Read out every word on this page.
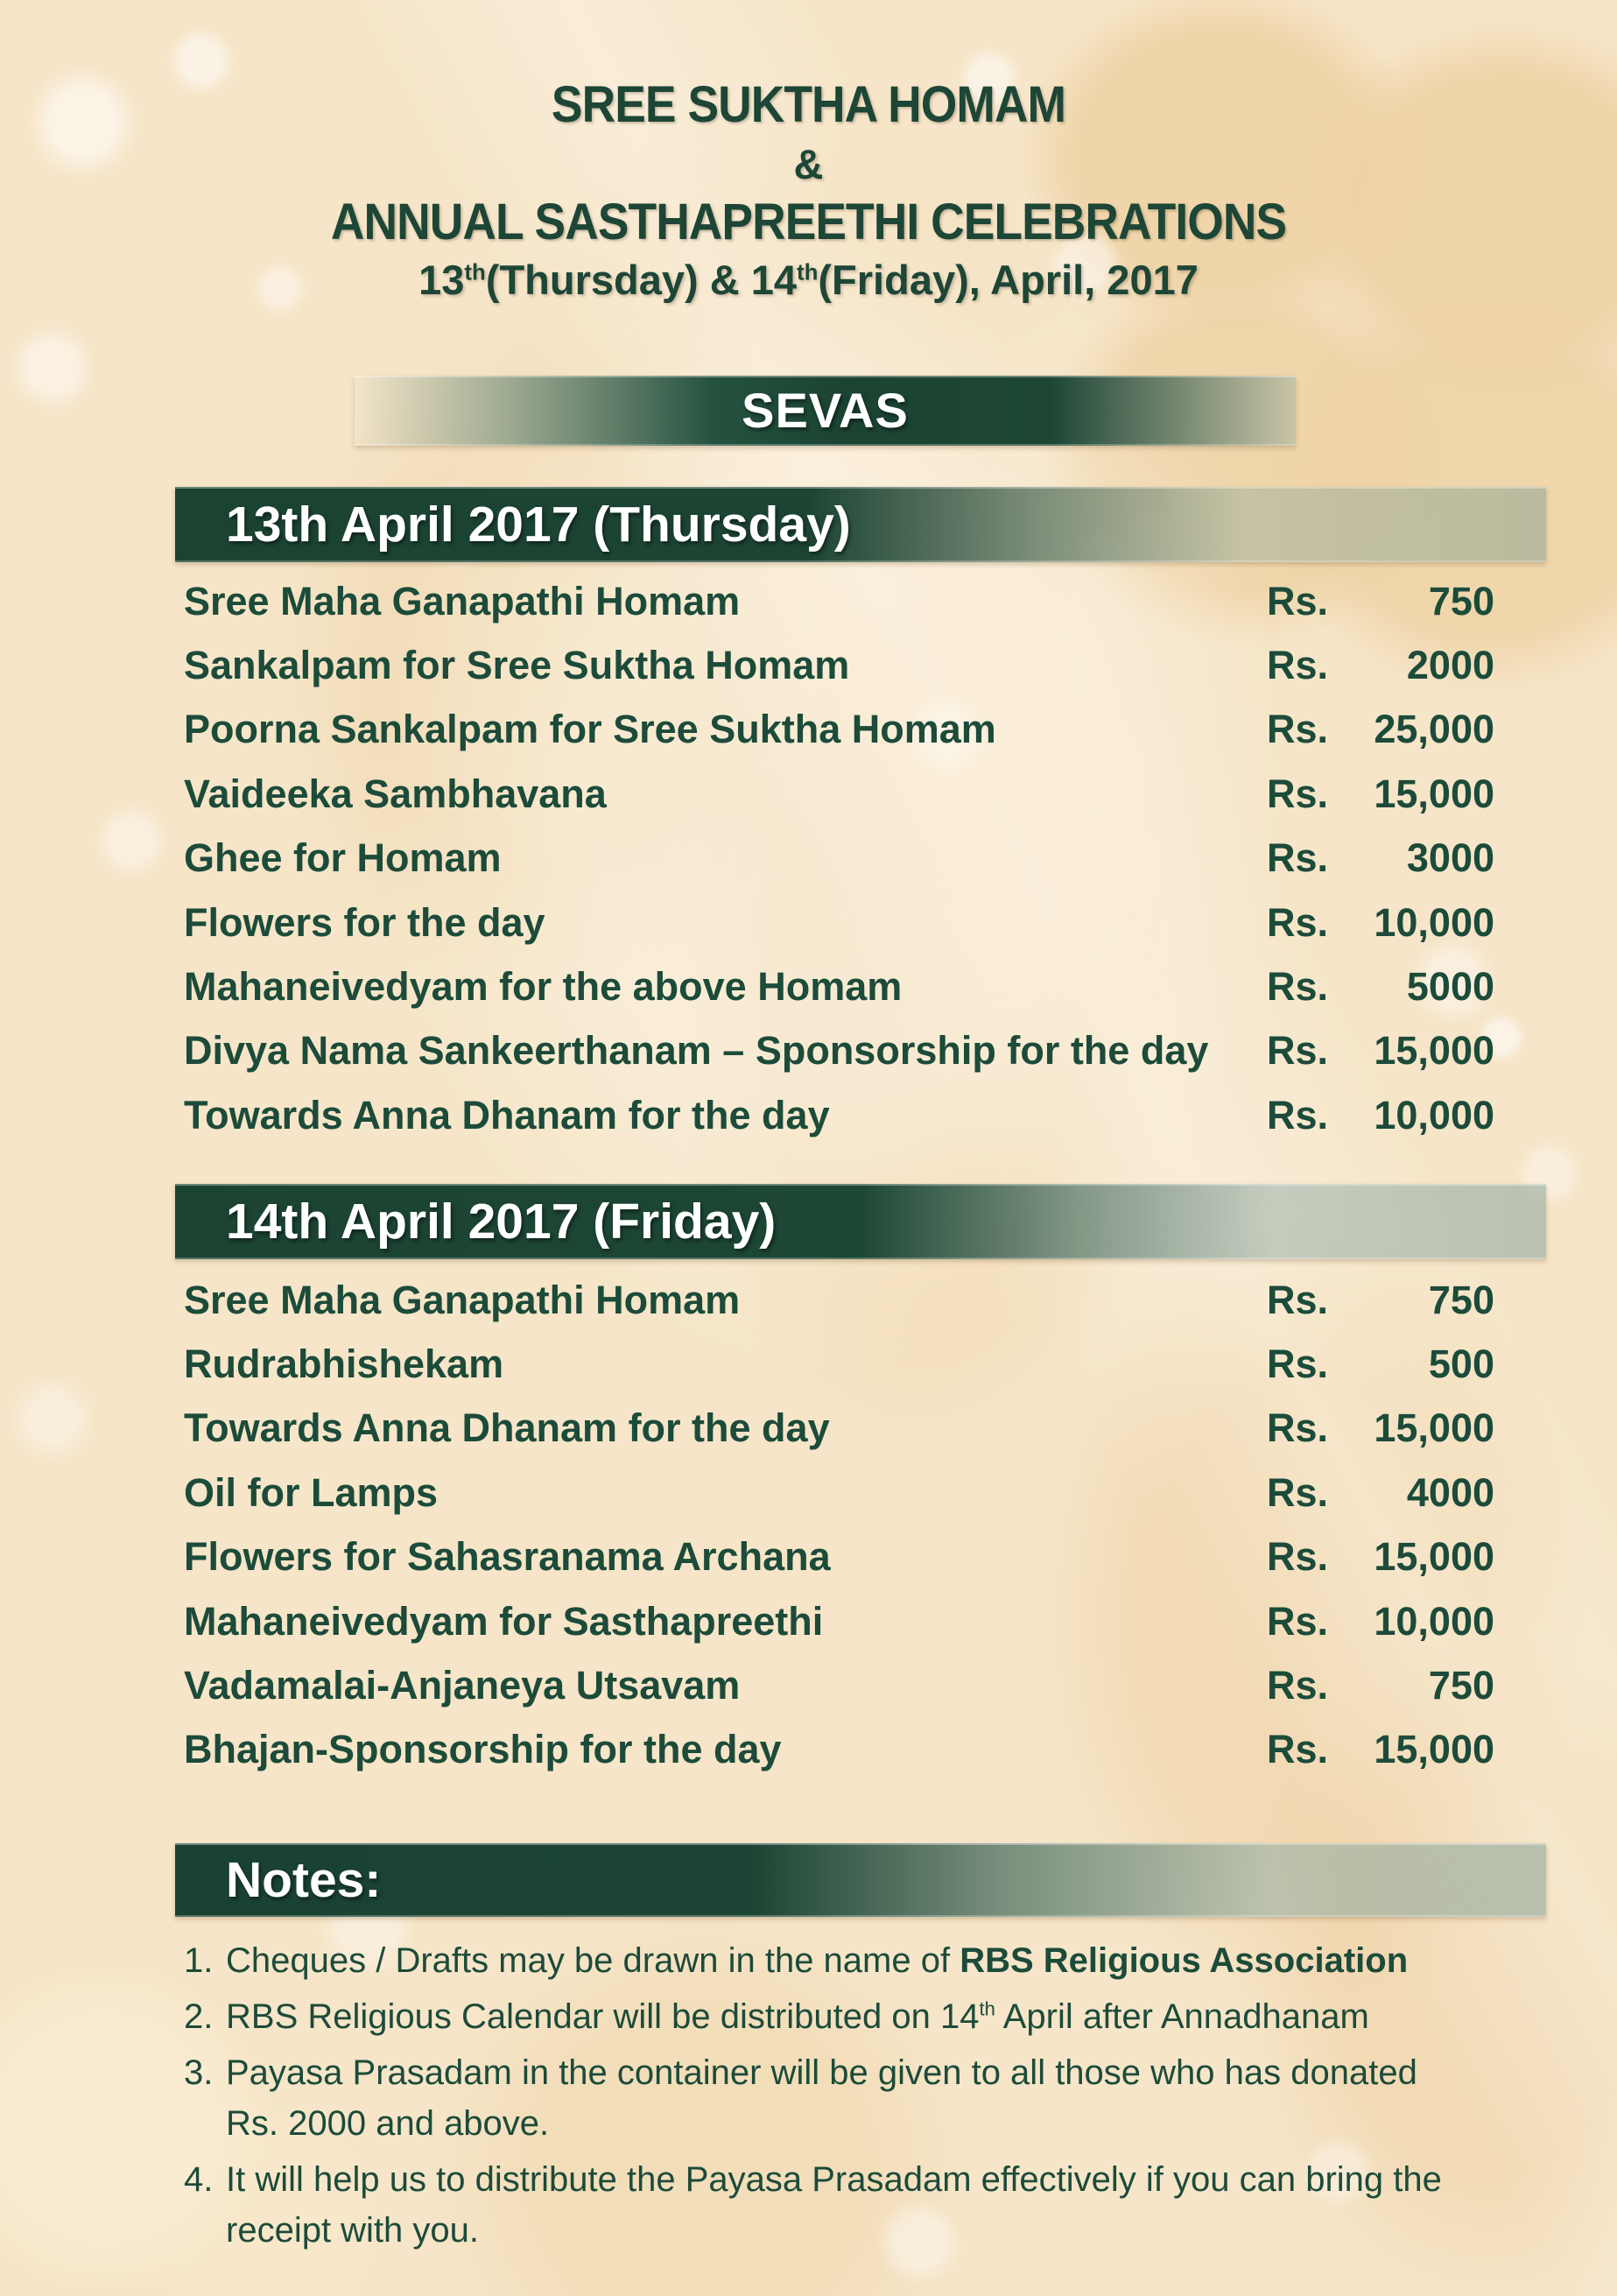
SREE SUKTHA HOMAM
&
ANNUAL SASTHAPREETHI CELEBRATIONS
13th(Thursday) & 14th(Friday), April, 2017
SEVAS
13th April 2017 (Thursday)
Sree Maha Ganapathi Homam	Rs.	750
Sankalpam for Sree Suktha Homam	Rs. 2000
Poorna Sankalpam for Sree Suktha Homam	Rs. 25,000
Vaideeka Sambhavana	Rs. 15,000
Ghee for Homam	Rs. 3000
Flowers for the day	Rs. 10,000
Mahaneivedyam for the above Homam	Rs. 5000
Divya Nama Sankeerthanam – Sponsorship for the day Rs. 15,000
Towards Anna Dhanam for the day	Rs. 10,000
14th April 2017 (Friday)
Sree Maha Ganapathi Homam	Rs.	750
Rudrabhishekam	Rs.	500
Towards Anna Dhanam for the day	Rs. 15,000
Oil for Lamps	Rs. 4000
Flowers for Sahasranama Archana	Rs. 15,000
Mahaneivedyam for Sasthapreethi	Rs. 10,000
Vadamalai-Anjaneya Utsavam	Rs.	750
Bhajan-Sponsorship for the day	Rs. 15,000
Notes:
1. Cheques / Drafts may be drawn in the name of RBS Religious Association
2. RBS Religious Calendar will be distributed on 14th April after Annadhanam
3. Payasa Prasadam in the container will be given to all those who has donated
Rs. 2000 and above.
4. It will help us to distribute the Payasa Prasadam effectively if you can bring the
receipt with you.
